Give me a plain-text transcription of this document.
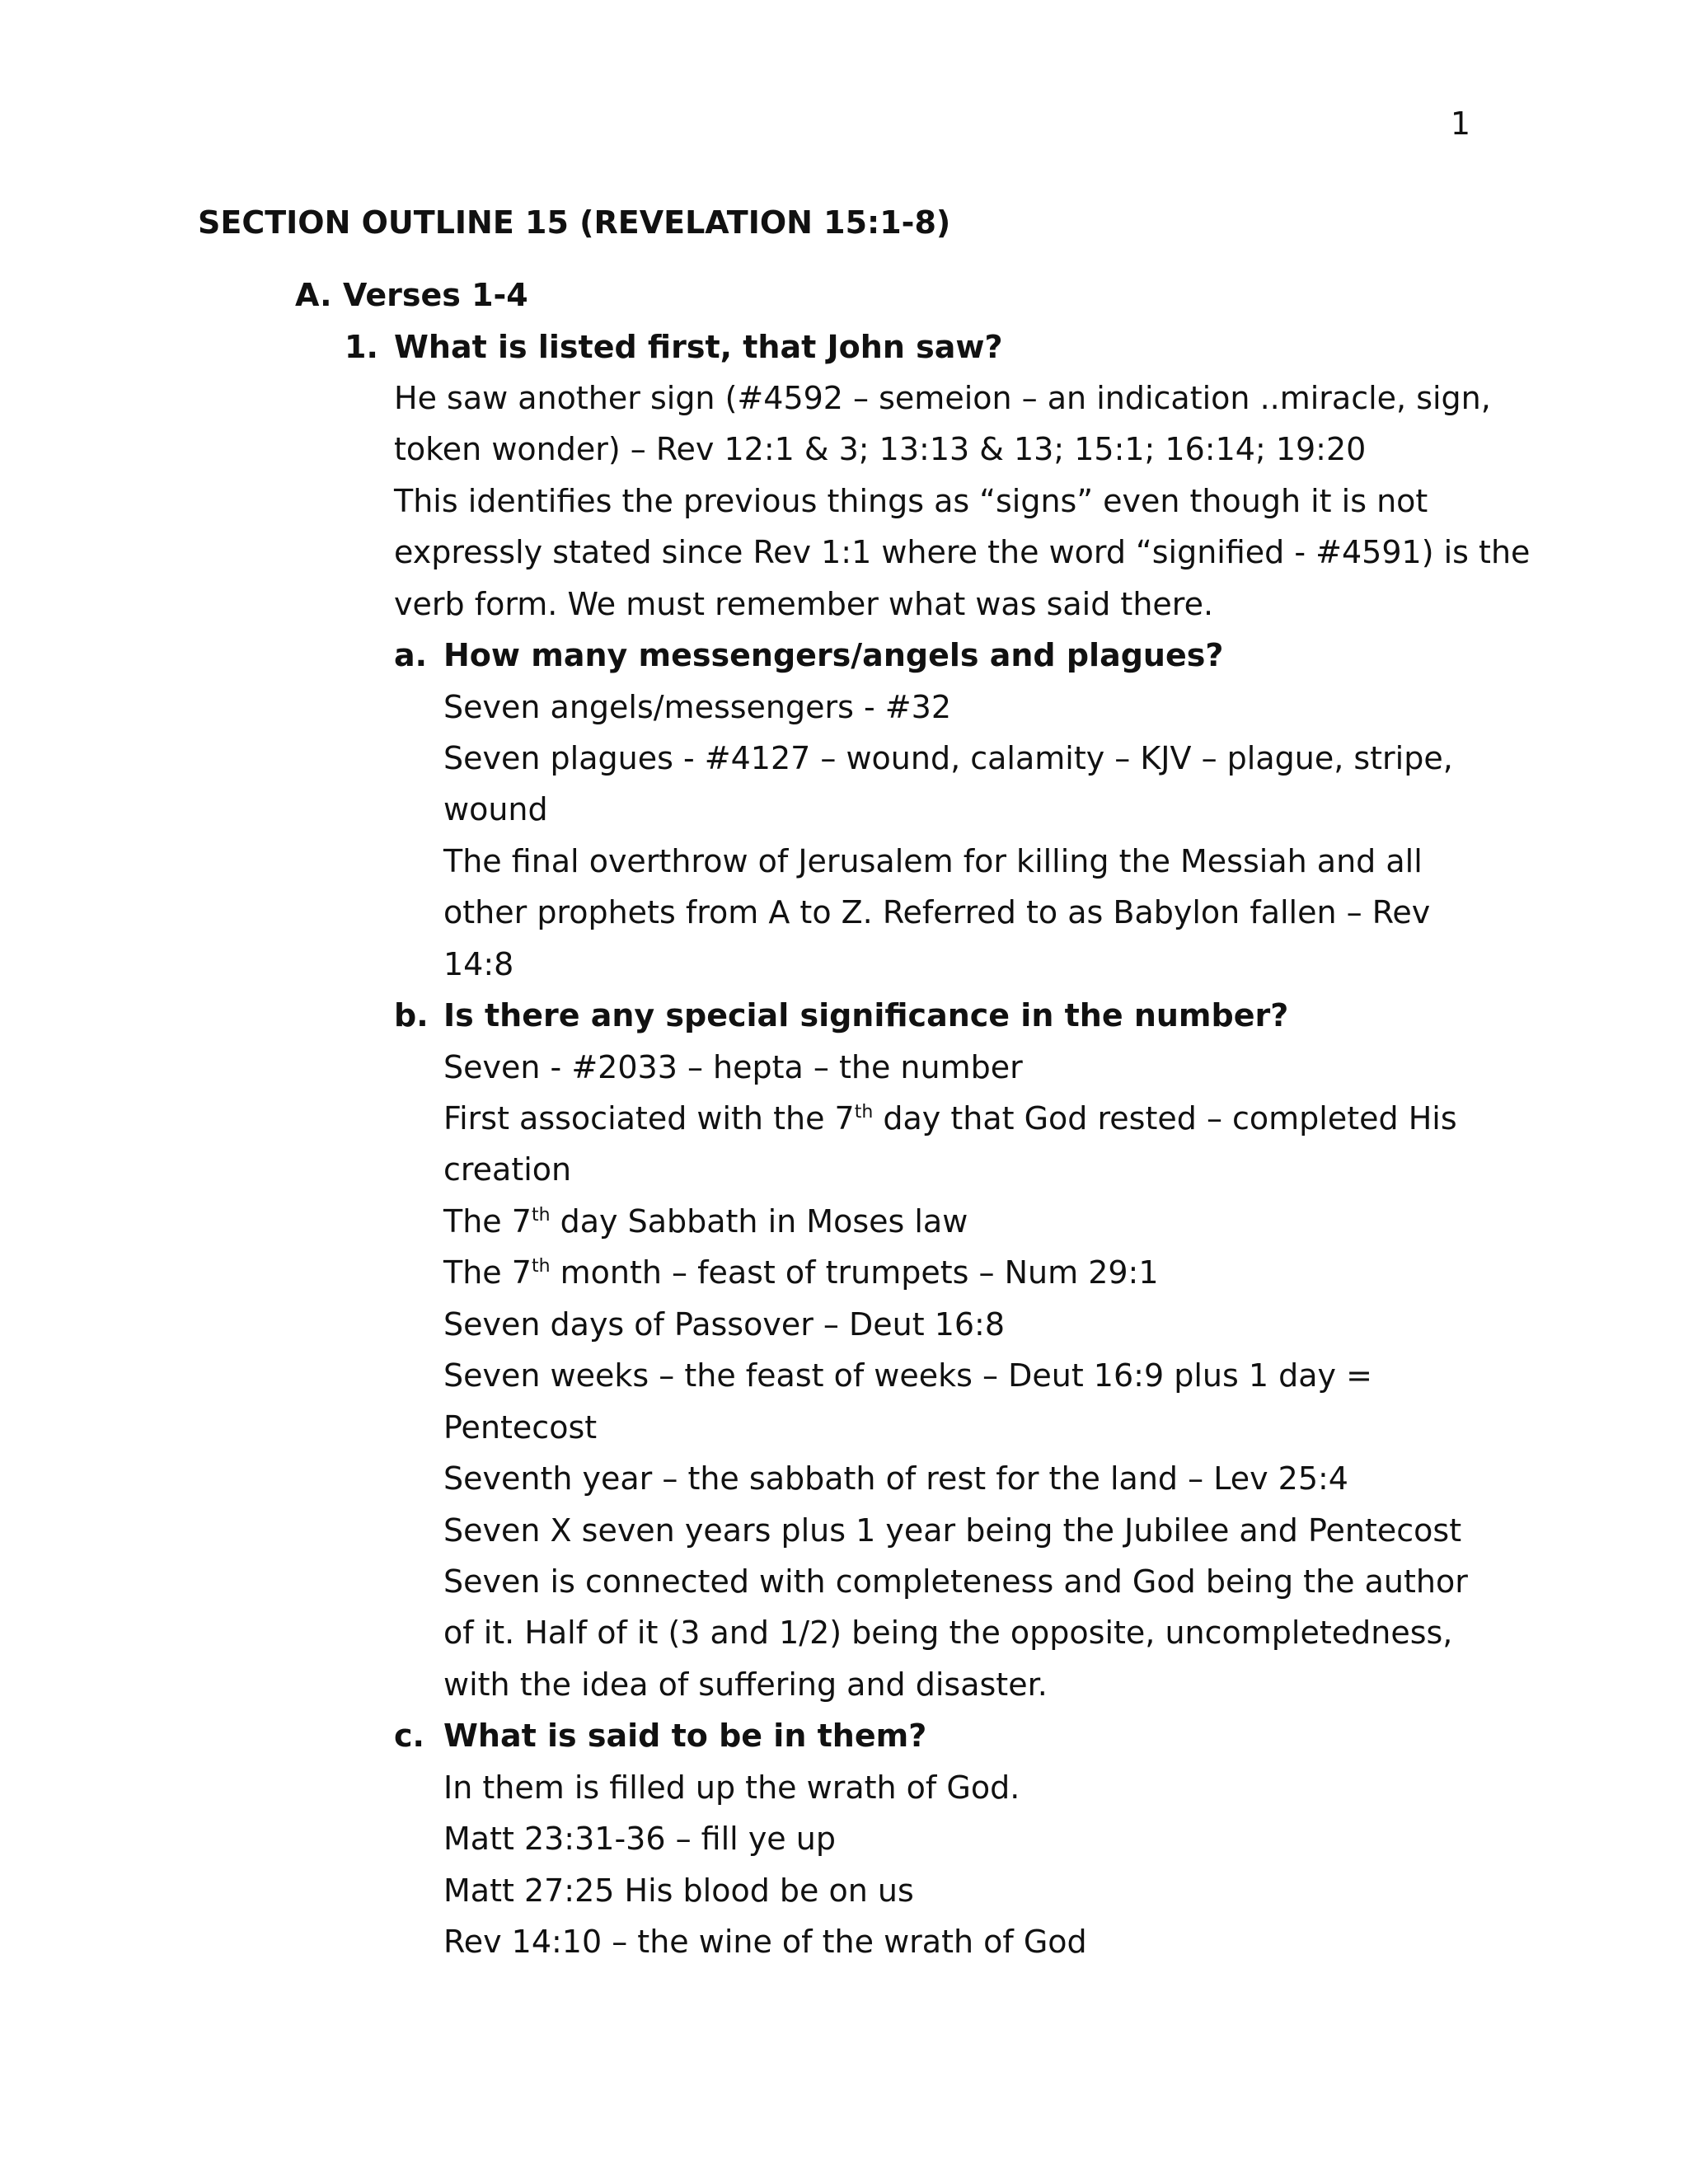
1
SECTION OUTLINE 15 (REVELATION 15:1-8)
A. Verses 1-4
1. What is listed first, that John saw?
He saw another sign (#4592 – semeion – an indication ..miracle, sign,
token wonder) – Rev 12:1 & 3; 13:13 & 13; 15:1; 16:14; 19:20
This identifies the previous things as “signs” even though it is not
expressly stated since Rev 1:1 where the word “signified - #4591) is the
verb form. We must remember what was said there.
a. How many messengers/angels and plagues?
Seven angels/messengers - #32
Seven plagues - #4127 – wound, calamity – KJV – plague, stripe,
wound
The final overthrow of Jerusalem for killing the Messiah and all
other prophets from A to Z. Referred to as Babylon fallen – Rev
14:8
b. Is there any special significance in the number?
Seven - #2033 – hepta – the number
First associated with the 7th day that God rested – completed His
creation
The 7th day Sabbath in Moses law
The 7th month – feast of trumpets – Num 29:1
Seven days of Passover – Deut 16:8
Seven weeks – the feast of weeks – Deut 16:9 plus 1 day =
Pentecost
Seventh year – the sabbath of rest for the land – Lev 25:4
Seven X seven years plus 1 year being the Jubilee and Pentecost
Seven is connected with completeness and God being the author
of it. Half of it (3 and 1/2) being the opposite, uncompletedness,
with the idea of suffering and disaster.
c. What is said to be in them?
In them is filled up the wrath of God.
Matt 23:31-36 – fill ye up
Matt 27:25 His blood be on us
Rev 14:10 – the wine of the wrath of God
